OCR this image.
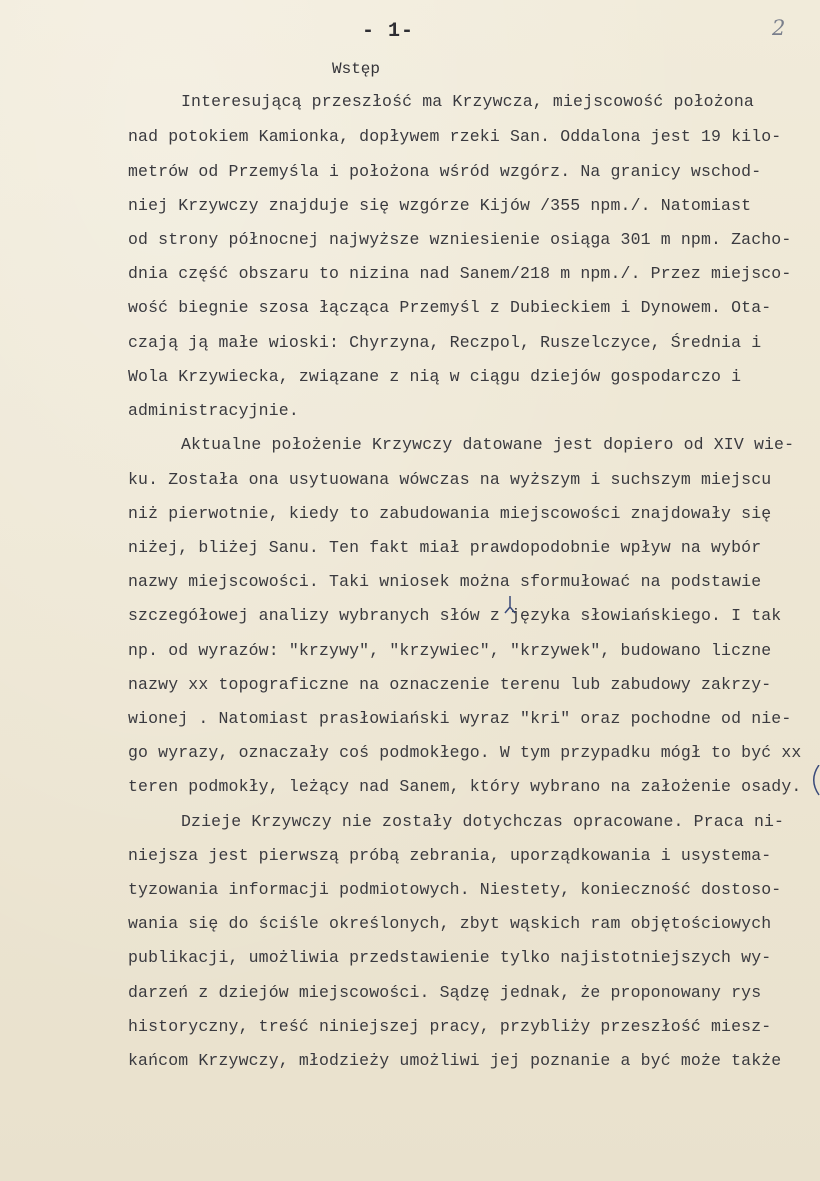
- 1-	2
Wstęp
Interesującą przeszłość ma Krzywcza, miejscowość położona
nad potokiem Kamionka, dopływem rzeki San. Oddalona jest 19 kilo-
metrów od Przemyśla i położona wśród wzgórz. Na granicy wschod-
niej Krzywczy znajduje się wzgórze Kijów /355 npm./. Natomiast
od strony północnej najwyższe wzniesienie osiąga 301 m npm. Zacho-
dnia część obszaru to nizina nad Sanem/218 m npm./. Przez miejsco-
wość biegnie szosa łącząca Przemyśl z Dubieckiem i Dynowem. Ota-
czają ją małe wioski: Chyrzyna, Reczpol, Ruszelczyce, Średnia i
Wola Krzywiecka, związane z nią w ciągu dziejów gospodarczo i
administracyjnie.
Aktualne położenie Krzywczy datowane jest dopiero od XIV wie-
ku. Została ona usytuowana wówczas na wyższym i suchszym miejscu
niż pierwotnie, kiedy to zabudowania miejscowości znajdowały się
niżej, bliżej Sanu. Ten fakt miał prawdopodobnie wpływ na wybór
nazwy miejscowości. Taki wniosek można sformułować na podstawie
szczegółowej analizy wybranych słów z języka słowiańskiego. I tak
np. od wyrazów: "krzywy", "krzywiec", "krzywek", budowano liczne
nazwy xx topograficzne na oznaczenie terenu lub zabudowy zakrzy-
wionej . Natomiast prasłowiański wyraz "kri" oraz pochodne od nie-
go wyrazy, oznaczały coś podmokłego. W tym przypadku mógł to być xx
teren podmokły, leżący nad Sanem, który wybrano na założenie osady.
Dzieje Krzywczy nie zostały dotychczas opracowane. Praca ni-
niejsza jest pierwszą próbą zebrania, uporządkowania i usystema-
tyzowania informacji podmiotowych. Niestety, konieczność dostoso-
wania się do ściśle określonych, zbyt wąskich ram objętościowych
publikacji, umożliwia przedstawienie tylko najistotniejszych wy-
darzeń z dziejów miejscowości. Sądzę jednak, że proponowany rys
historyczny, treść niniejszej pracy, przybliży przeszłość miesz-
kańcom Krzywczy, młodzieży umożliwi jej poznanie a być może także
